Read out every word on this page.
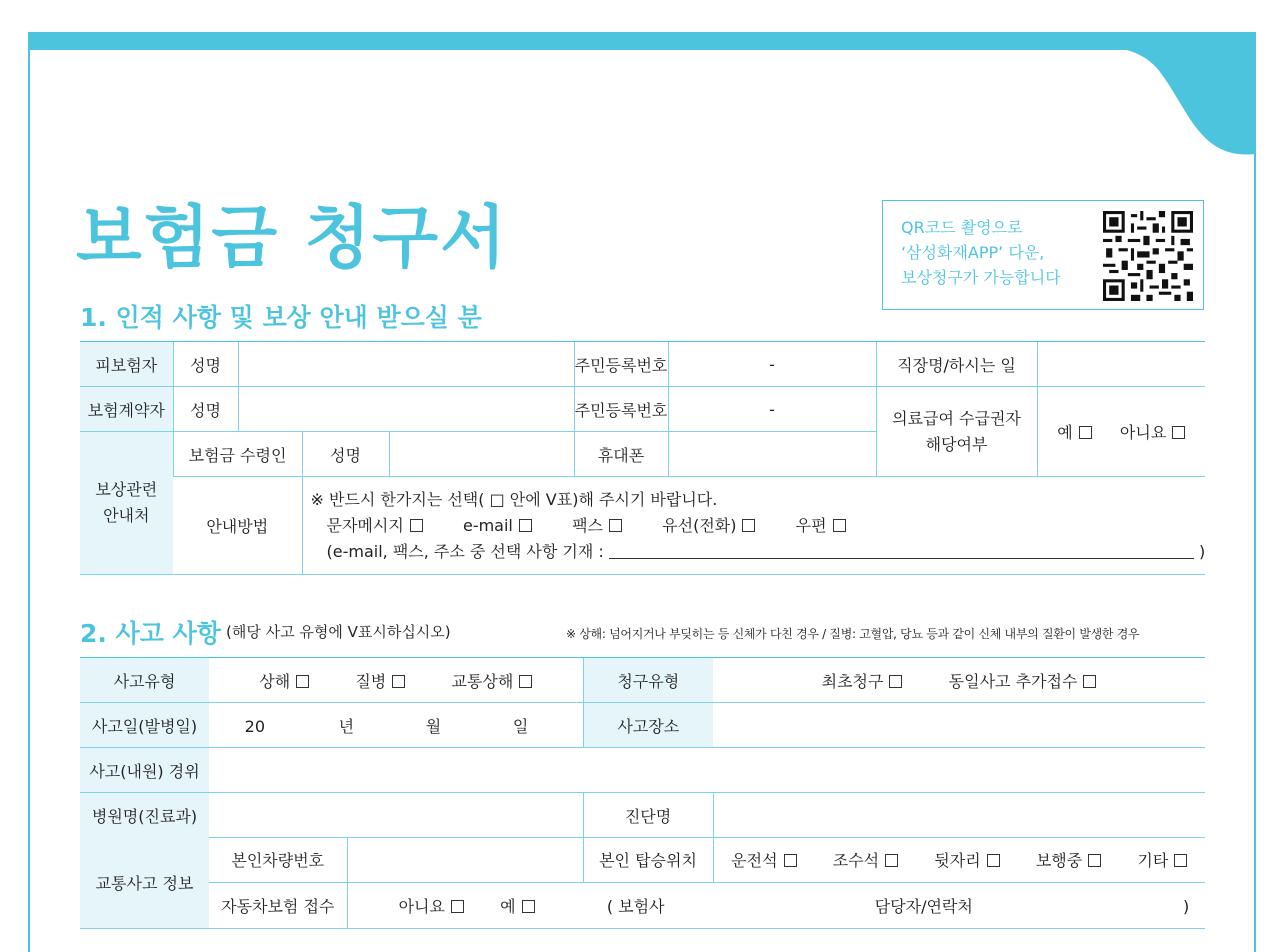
보험금 청구서	QR코드 촬영으로
‘삼성화재APP’ 다운,
보상청구가 가능합니다
1. 인적 사항 및 보상 안내 받으실 분
피보험자	성명				주민등록번호	-	직장명/하시는 일	
보험계약자	성명				주민등록번호	-	의료급여 수급권자
해당여부	예 아니요

보상관련
안내처	보험금 수령인		성명		휴대폰			
	안내방법		※ 반드시 한가지는 선택( □ 안에 V표)해 주시기 바랍니다.
문자메시지 e-mail 팩스 유선(전화) 우편
(e-mail, 팩스, 주소 중 선택 사항 기재 : )					
2. 사고 사항 (해당 사고 유형에 V표시하십시오)	※ 상해: 넘어지거나 부딪히는 등 신체가 다친 경우 / 질병: 고혈압, 당뇨 등과 같이 신체 내부의 질환이 발생한 경우
사고유형	상해 질병 교통상해	청구유형	최초청구 동일사고 추가접수
사고일(발병일)	20 년 월 일	사고장소	
사고(내원) 경위			
병원명(진료과)		진단명	
교통사고 정보	본인차량번호		본인 탑승위치	운전석 조수석 뒷자리 보행중 기타
	자동차보험 접수	아니요 예 ( 보험사 담당자/연락처 )		
